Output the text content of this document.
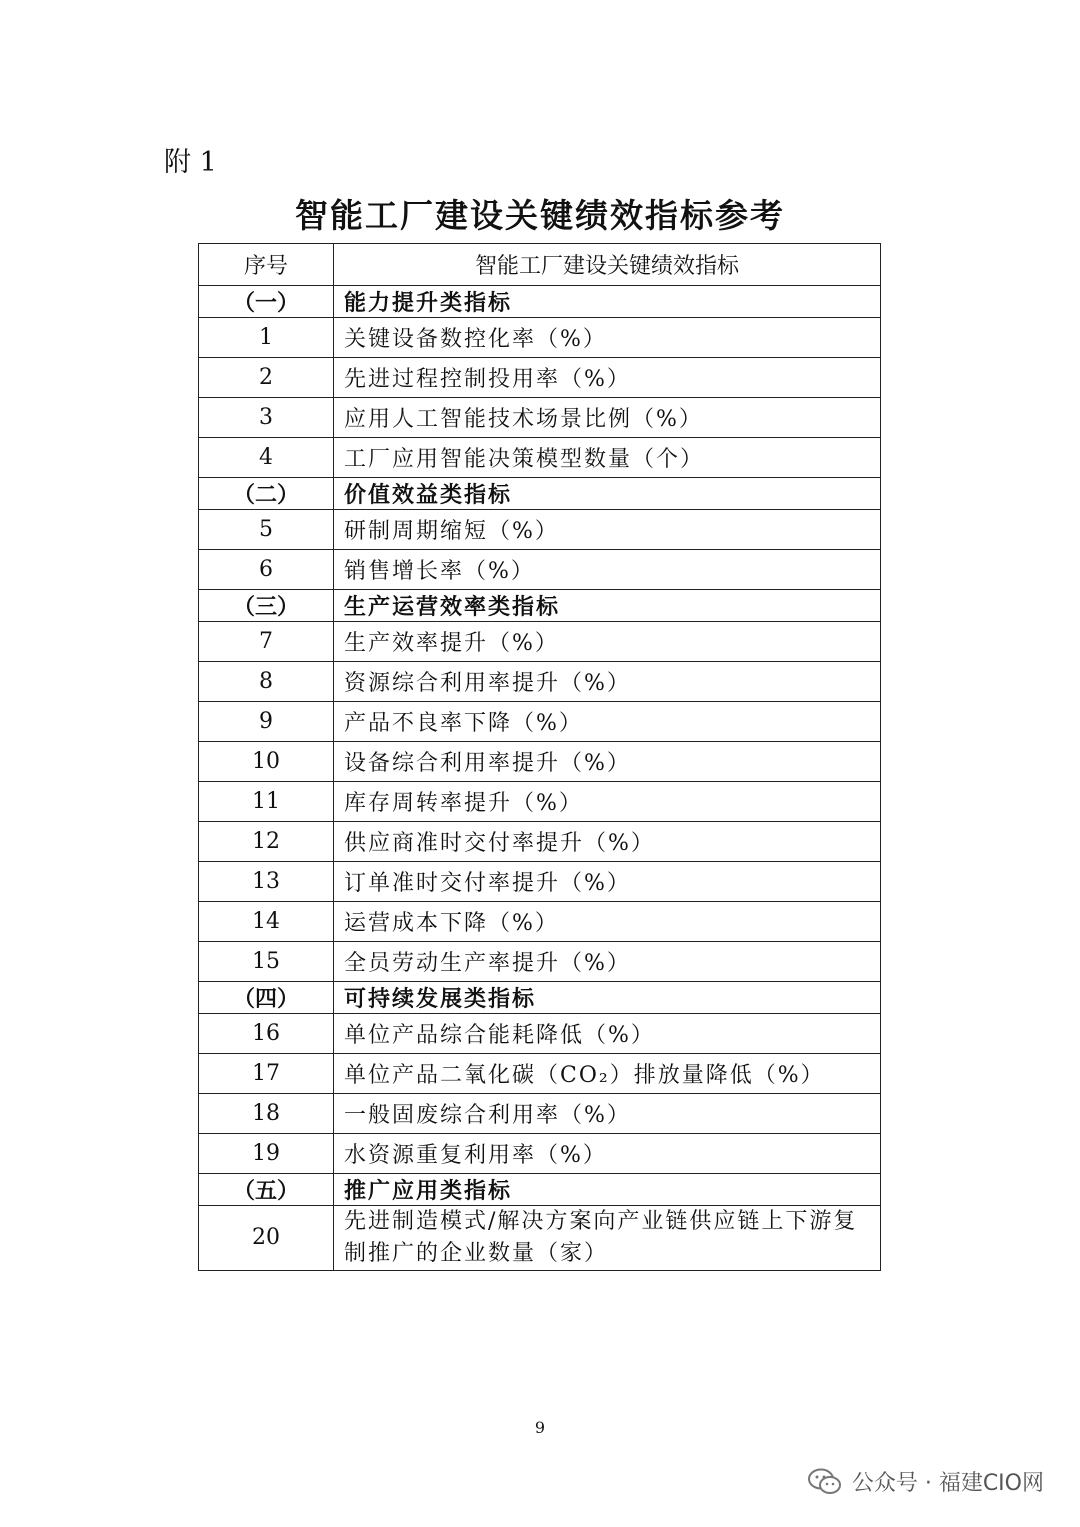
附 1
智能工厂建设关键绩效指标参考
序号	智能工厂建设关键绩效指标
（一）	能力提升类指标
1	关键设备数控化率（%）
2	先进过程控制投用率（%）
3	应用人工智能技术场景比例（%）
4	工厂应用智能决策模型数量（个）
（二）	价值效益类指标
5	研制周期缩短（%）
6	销售增长率（%）
（三）	生产运营效率类指标
7	生产效率提升（%）
8	资源综合利用率提升（%）
9	产品不良率下降（%）
10	设备综合利用率提升（%）
11	库存周转率提升（%）
12	供应商准时交付率提升（%）
13	订单准时交付率提升（%）
14	运营成本下降（%）
15	全员劳动生产率提升（%）
（四）	可持续发展类指标
16	单位产品综合能耗降低（%）
17	单位产品二氧化碳（CO₂）排放量降低（%）
18	一般固废综合利用率（%）
19	水资源重复利用率（%）
（五）	推广应用类指标
20	先进制造模式/解决方案向产业链供应链上下游复制推广的企业数量（家）
9
公众号 · 福建CIO网
